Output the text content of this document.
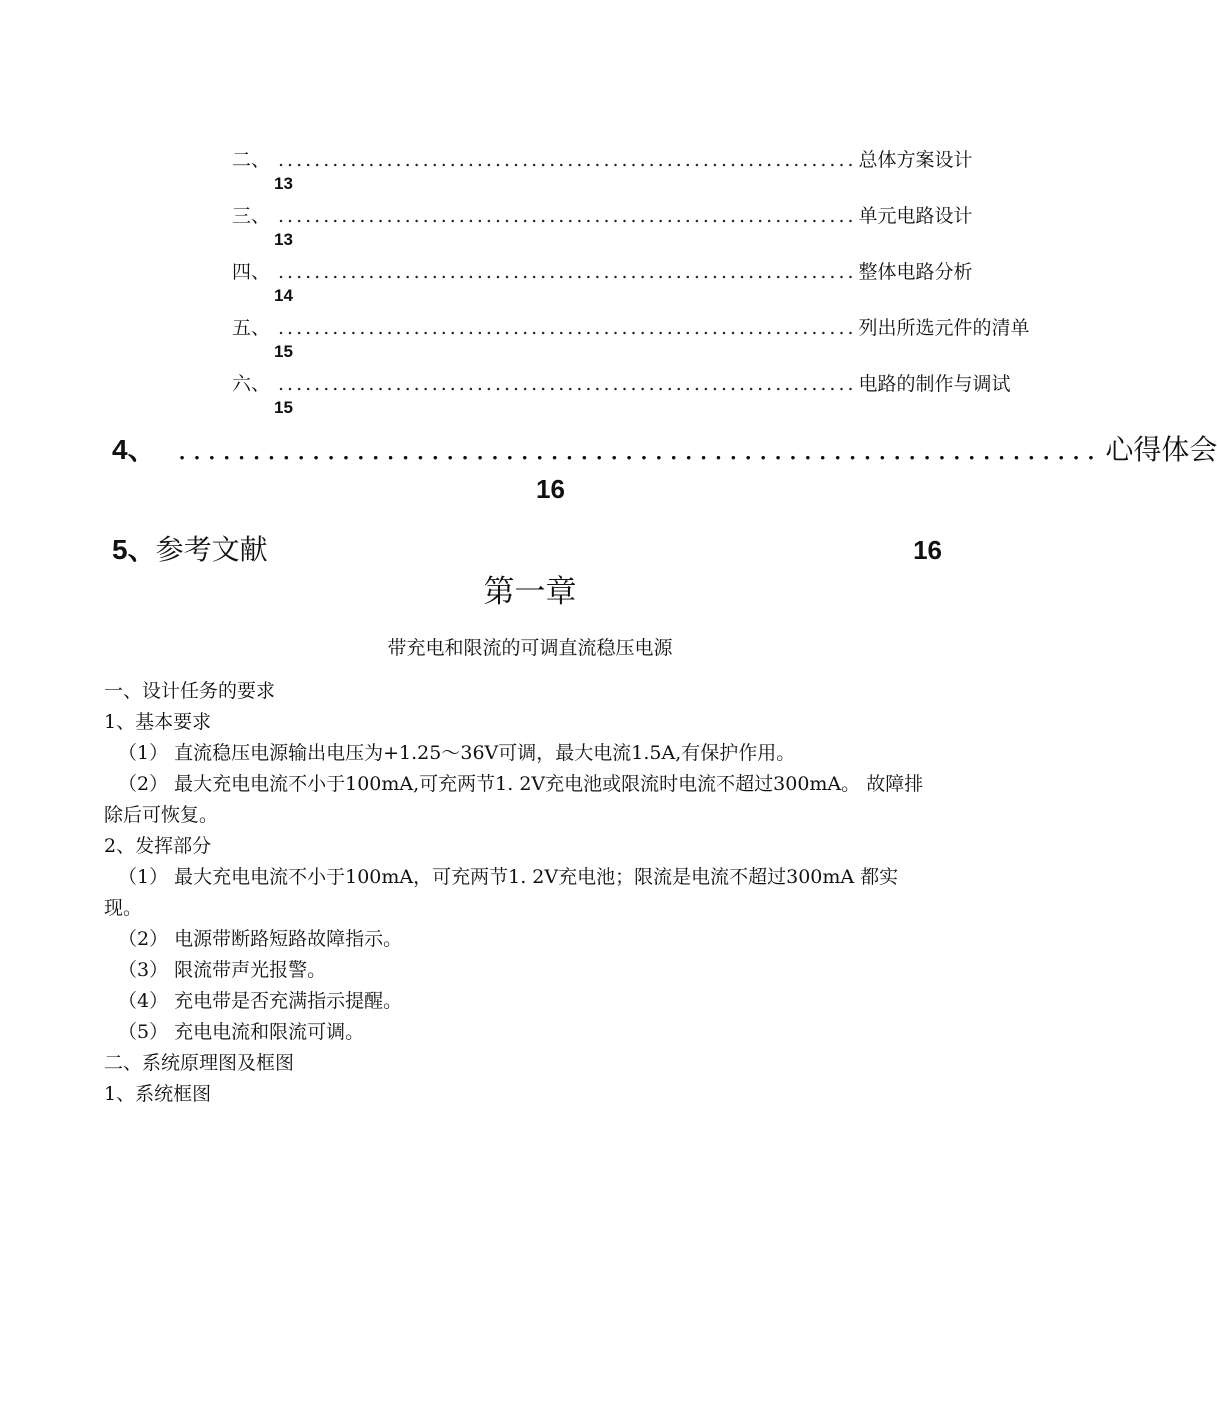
二、 ................................................................ 总体方案设计
13
三、 ................................................................ 单元电路设计
13
四、 ................................................................ 整体电路分析
14
五、 ................................................................ 列出所选元件的清单
15
六、 ................................................................ 电路的制作与调试
15
4、 .............................................................. 心得体会
16
5、参考文献	16
第一章
带充电和限流的可调直流稳压电源

一、设计任务的要求

1、基本要求

（1） 直流稳压电源输出电压为+1.25～36V可调，最大电流1.5A,有保护作用。

（2） 最大充电电流不小于100mA,可充两节1. 2V充电池或限流时电流不超过300mA。 故障排

除后可恢复。

2、发挥部分

（1） 最大充电电流不小于100mA，可充两节1. 2V充电池；限流是电流不超过300mA 都实

现。

（2） 电源带断路短路故障指示。

（3） 限流带声光报警。

（4） 充电带是否充满指示提醒。

（5） 充电电流和限流可调。

二、系统原理图及框图

1、系统框图
